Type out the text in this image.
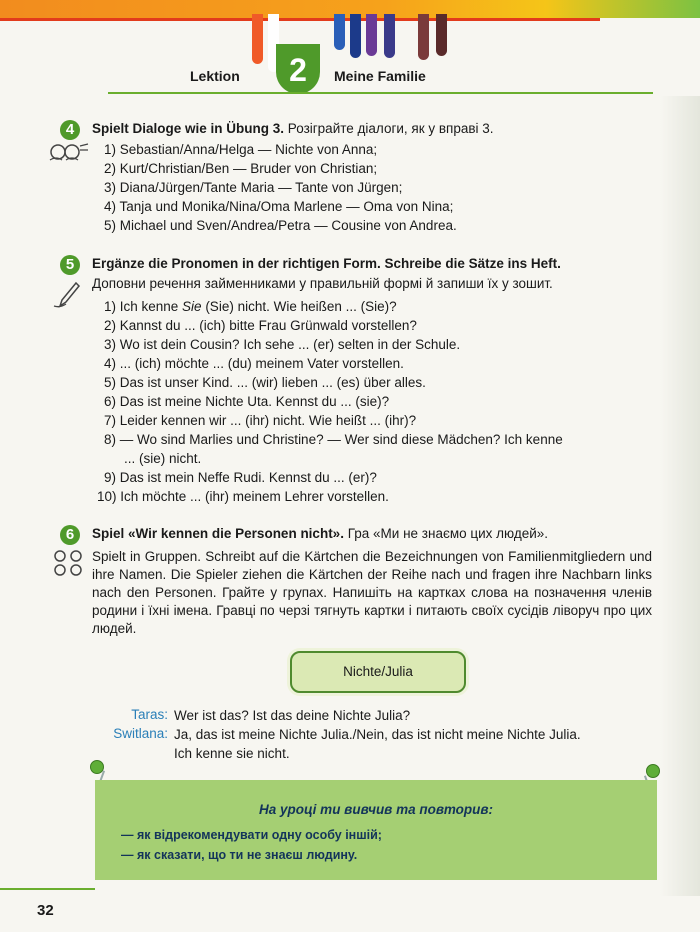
Lektion	2	Meine Familie
4	Spielt Dialoge wie in Übung 3. Розіграйте діалоги, як у вправі 3.
1) Sebastian/Anna/Helga — Nichte von Anna;
2) Kurt/Christian/Ben — Bruder von Christian;
3) Diana/Jürgen/Tante Maria — Tante von Jürgen;
4) Tanja und Monika/Nina/Oma Marlene — Oma von Nina;
5) Michael und Sven/Andrea/Petra — Cousine von Andrea.
5	Ergänze die Pronomen in der richtigen Form. Schreibe die Sätze ins Heft.
Доповни речення займенниками у правильній формі й запиши їх у зошит.
1) Ich kenne Sie (Sie) nicht. Wie heißen ... (Sie)?
2) Kannst du ... (ich) bitte Frau Grünwald vorstellen?
3) Wo ist dein Cousin? Ich sehe ... (er) selten in der Schule.
4) ... (ich) möchte ... (du) meinem Vater vorstellen.
5) Das ist unser Kind. ... (wir) lieben ... (es) über alles.
6) Das ist meine Nichte Uta. Kennst du ... (sie)?
7) Leider kennen wir ... (ihr) nicht. Wie heißt ... (ihr)?
8) — Wo sind Marlies und Christine? — Wer sind diese Mädchen? Ich kenne
... (sie) nicht.
9) Das ist mein Neffe Rudi. Kennst du ... (er)?
10) Ich möchte ... (ihr) meinem Lehrer vorstellen.
6	Spiel «Wir kennen die Personen nicht». Гра «Ми не знаємо цих людей».
Spielt in Gruppen. Schreibt auf die Kärtchen die Bezeichnungen von Familienmitgliedern und ihre Namen. Die Spieler ziehen die Kärtchen der Reihe nach und fragen ihre Nachbarn links nach den Personen. Грайте у групах. Напишіть на картках слова на позначення членів родини і їхні імена. Гравці по черзі тягнуть картки і питають своїх сусідів ліворуч про цих людей.
Nichte/Julia
Taras: Wer ist das? Ist das deine Nichte Julia?
Switlana: Ja, das ist meine Nichte Julia./Nein, das ist nicht meine Nichte Julia.
Ich kenne sie nicht.
На уроці ти вивчив та повторив:
— як відрекомендувати одну особу іншій;
— як сказати, що ти не знаєш людину.
32
